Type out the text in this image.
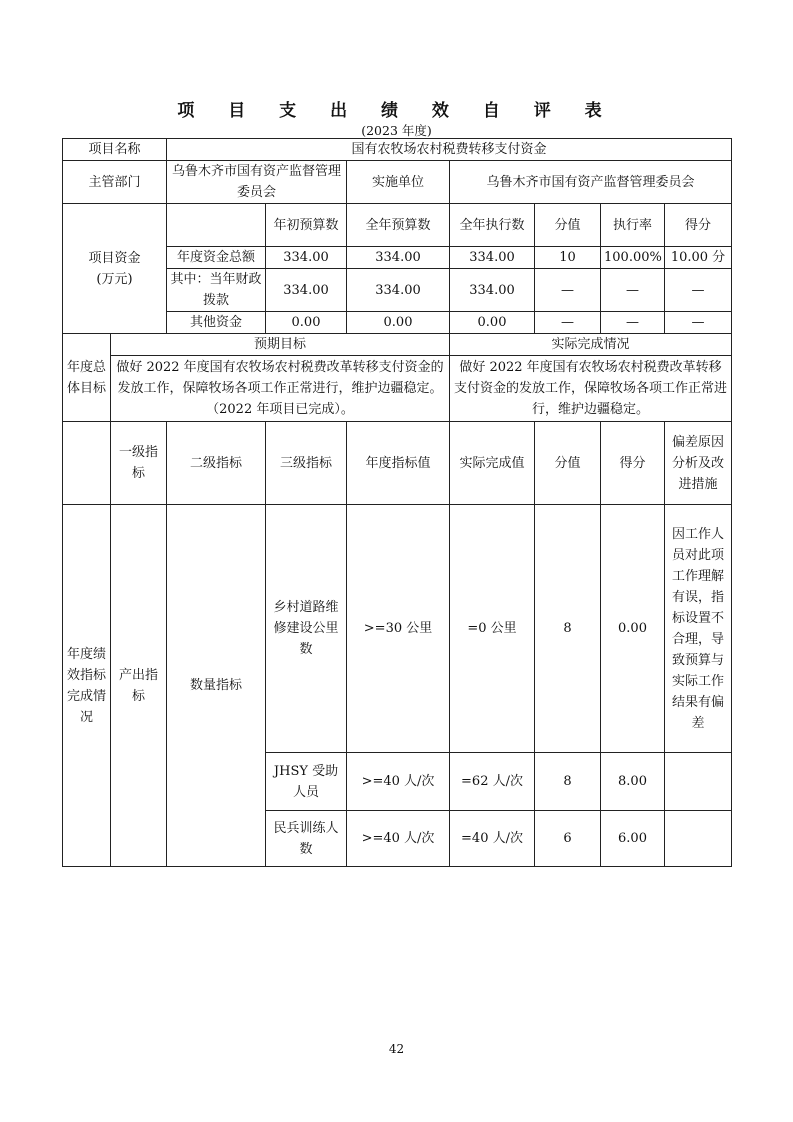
项 目 支 出 绩 效 自 评 表
(2023 年度)
项目名称		国有农牧场农村税费转移支付资金						
主管部门		乌鲁木齐市国有资产监督管理委员会		实施单位	乌鲁木齐市国有资产监督管理委员会			

项目资金
(万元)			年初预算数	全年预算数	全年执行数	分值	执行率	得分
		年度资金总额	334.00	334.00	334.00	10	100.00%	10.00 分
		其中：当年财政拨款	334.00	334.00	334.00	—	—	—
		其他资金	0.00	0.00	0.00	—	—	—
年度总体目标	预期目标				实际完成情况			
	做好 2022 年度国有农牧场农村税费改革转移支付资金的发放工作，保障牧场各项工作正常进行，维护边疆稳定。（2022 年项目已完成）。				做好 2022 年度国有农牧场农村税费改革转移支付资金的发放工作，保障牧场各项工作正常进行，维护边疆稳定。			
	一级指标	二级指标	三级指标	年度指标值	实际完成值	分值	得分	偏差原因分析及改进措施
年度绩效指标完成情况	产出指标	数量指标	乡村道路维修建设公里数	>=30 公里	=0 公里	8	0.00	因工作人员对此项工作理解有误，指标设置不合理，导致预算与实际工作结果有偏差
			JHSY 受助人员	>=40 人/次	=62 人/次	8	8.00	
			民兵训练人数	>=40 人/次	=40 人/次	6	6.00	
42
